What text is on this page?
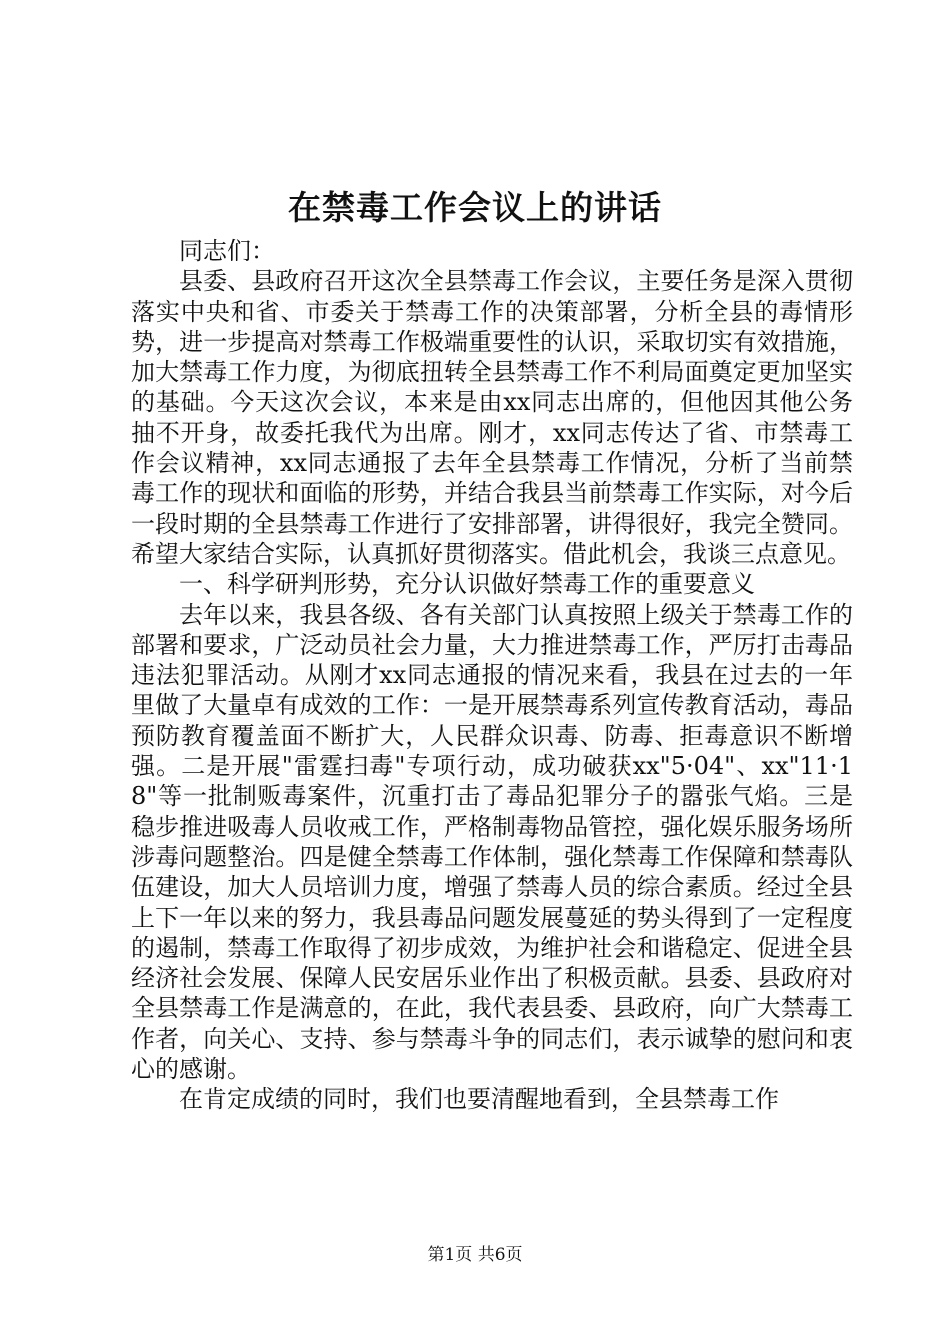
在禁毒工作会议上的讲话

同志们：

县委、县政府召开这次全县禁毒工作会议，主要任务是深入贯彻落实中央和省、市委关于禁毒工作的决策部署，分析全县的毒情形势，进一步提高对禁毒工作极端重要性的认识，采取切实有效措施，加大禁毒工作力度，为彻底扭转全县禁毒工作不利局面奠定更加坚实的基础。今天这次会议，本来是由xx同志出席的，但他因其他公务抽不开身，故委托我代为出席。刚才，xx同志传达了省、市禁毒工作会议精神，xx同志通报了去年全县禁毒工作情况，分析了当前禁毒工作的现状和面临的形势，并结合我县当前禁毒工作实际，对今后一段时期的全县禁毒工作进行了安排部署，讲得很好，我完全赞同。希望大家结合实际，认真抓好贯彻落实。借此机会，我谈三点意见。

一、科学研判形势，充分认识做好禁毒工作的重要意义

去年以来，我县各级、各有关部门认真按照上级关于禁毒工作的部署和要求，广泛动员社会力量，大力推进禁毒工作，严厉打击毒品违法犯罪活动。从刚才xx同志通报的情况来看，我县在过去的一年里做了大量卓有成效的工作：一是开展禁毒系列宣传教育活动，毒品预防教育覆盖面不断扩大，人民群众识毒、防毒、拒毒意识不断增强。二是开展"雷霆扫毒"专项行动，成功破获xx"5·04"、xx"11·18"等一批制贩毒案件，沉重打击了毒品犯罪分子的嚣张气焰。三是稳步推进吸毒人员收戒工作，严格制毒物品管控，强化娱乐服务场所涉毒问题整治。四是健全禁毒工作体制，强化禁毒工作保障和禁毒队伍建设，加大人员培训力度，增强了禁毒人员的综合素质。经过全县上下一年以来的努力，我县毒品问题发展蔓延的势头得到了一定程度的遏制，禁毒工作取得了初步成效，为维护社会和谐稳定、促进全县经济社会发展、保障人民安居乐业作出了积极贡献。县委、县政府对全县禁毒工作是满意的，在此，我代表县委、县政府，向广大禁毒工作者，向关心、支持、参与禁毒斗争的同志们，表示诚挚的慰问和衷心的感谢。

在肯定成绩的同时，我们也要清醒地看到，全县禁毒工作

第1页 共6页
